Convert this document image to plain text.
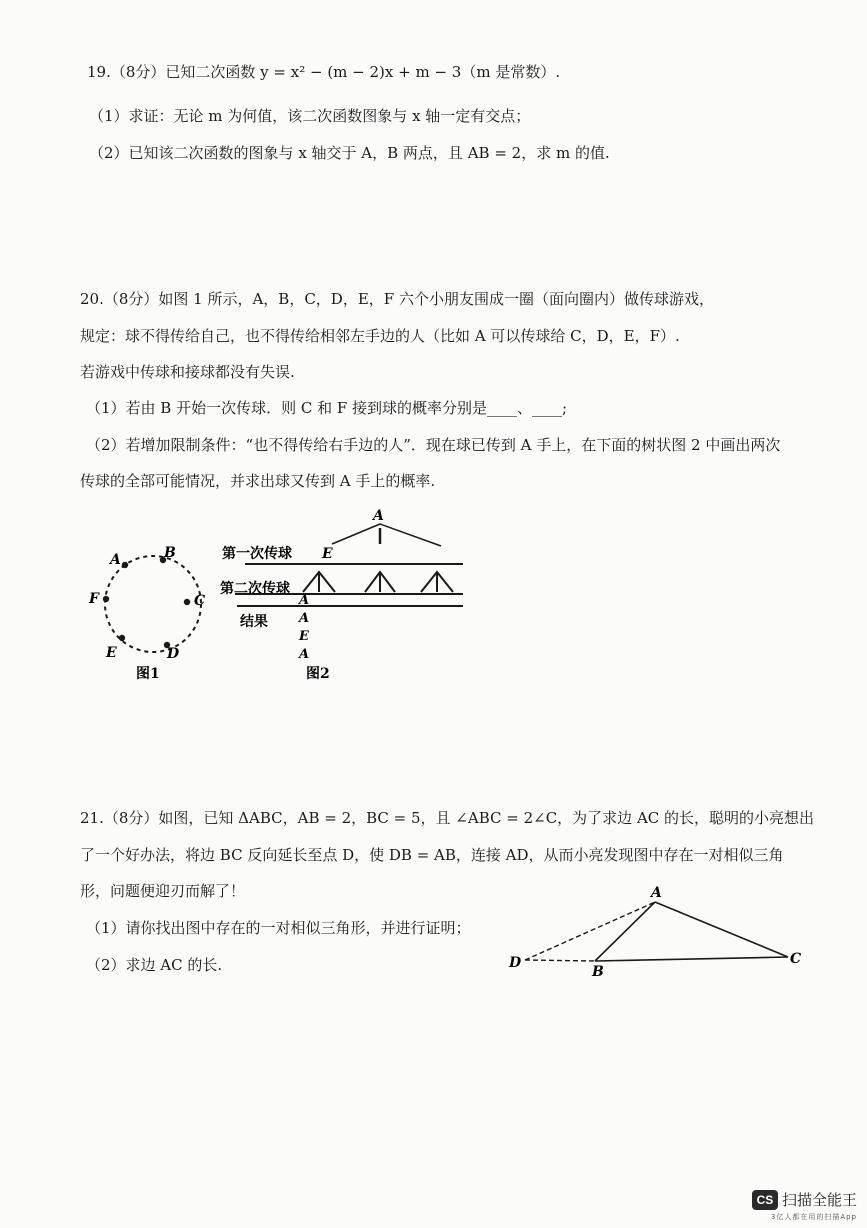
19.（8分）已知二次函数 y = x² − (m − 2)x + m − 3（m 是常数）.
（1）求证：无论 m 为何值，该二次函数图象与 x 轴一定有交点；
（2）已知该二次函数的图象与 x 轴交于 A，B 两点，且 AB = 2，求 m 的值.
20.（8分）如图 1 所示，A，B，C，D，E，F 六个小朋友围成一圈（面向圈内）做传球游戏，
规定：球不得传给自己，也不得传给相邻左手边的人（比如 A 可以传球给 C，D，E，F）.
若游戏中传球和接球都没有失误.
（1）若由 B 开始一次传球．则 C 和 F 接到球的概率分别是____、____;
（2）若增加限制条件：“也不得传给右手边的人”．现在球已传到 A 手上，在下面的树状图 2 中画出两次
传球的全部可能情况，并求出球又传到 A 手上的概率.
A	B
C
D
E
F
图1
A
第一次传球 E
第二次传球
A
结果 A
E
A
图2
21.（8分）如图，已知 ΔABC，AB = 2，BC = 5，且 ∠ABC = 2∠C，为了求边 AC 的长，聪明的小亮想出
了一个好办法，将边 BC 反向延长至点 D，使 DB = AB，连接 AD，从而小亮发现图中存在一对相似三角
形，问题便迎刃而解了！
（1）请你找出图中存在的一对相似三角形，并进行证明；
（2）求边 AC 的长.
A
B
C
D
CS 扫描全能王
3亿人都在用的扫描App
